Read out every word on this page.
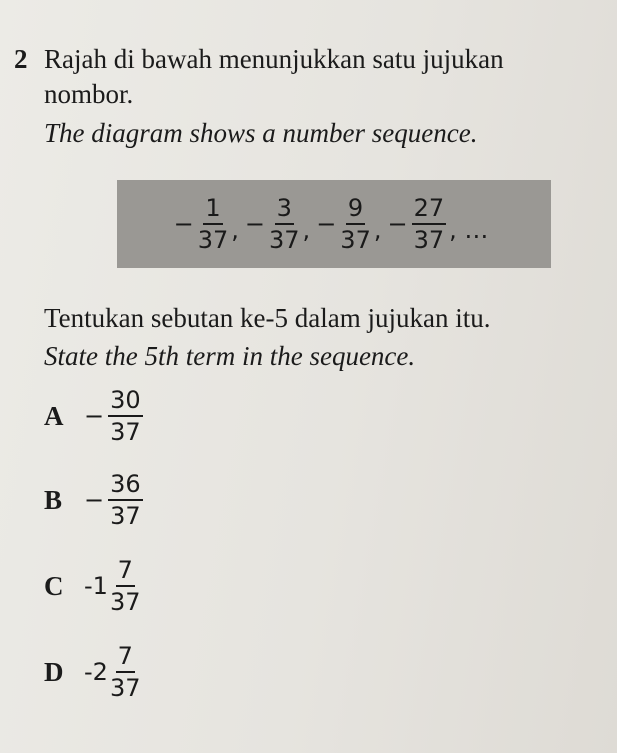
2 Rajah di bawah menunjukkan satu jujukan
nombor.
The diagram shows a number sequence.
− $\frac{1}{37}$ , − $\frac{3}{37}$ , − $\frac{9}{37}$ , − $\frac{27}{37}$ , …
Tentukan sebutan ke-5 dalam jujukan itu.
State the 5th term in the sequence.
$A - \frac{30}{37}$
$B - \frac{36}{37}$
C - $1 \frac{7}{37}$
D - $2 \frac{7}{37}$
